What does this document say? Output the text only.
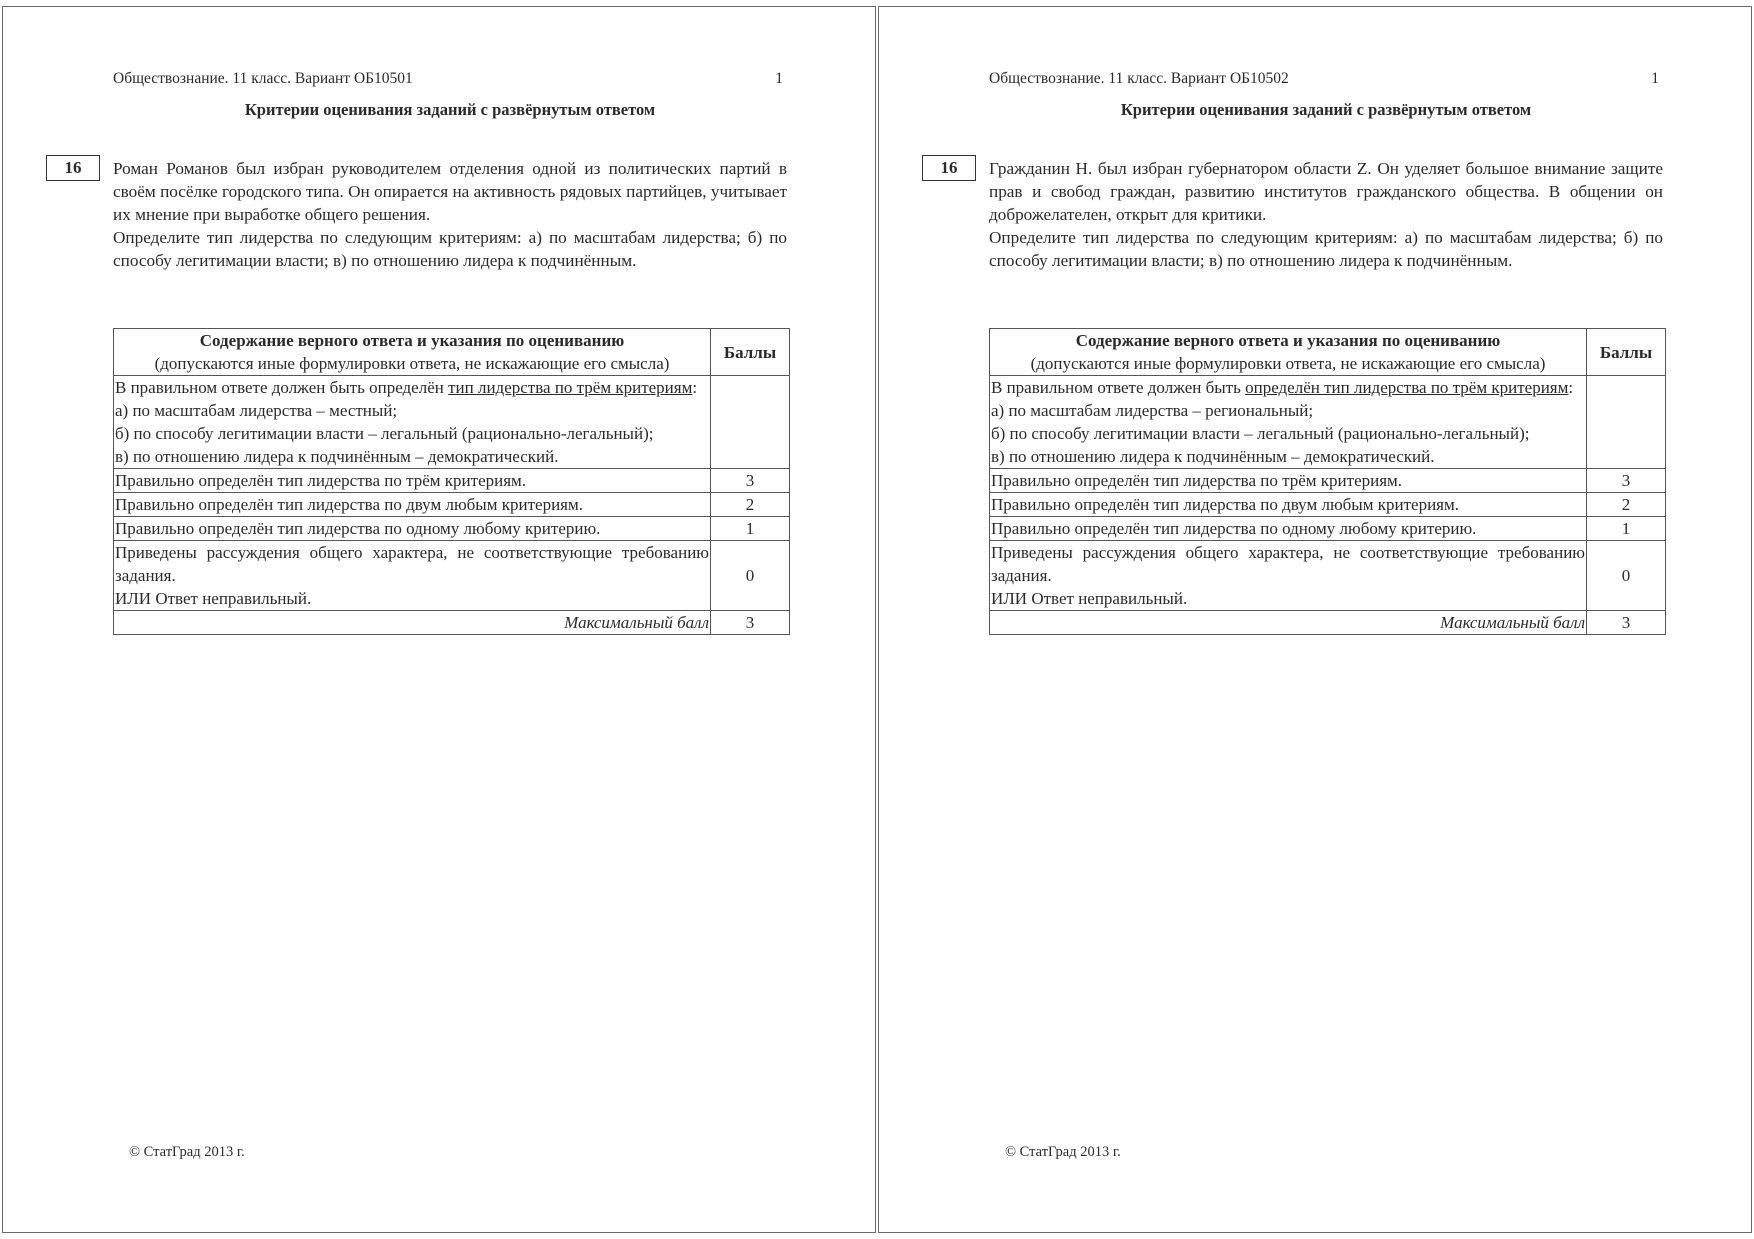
Обществознание. 11 класс. Вариант ОБ10501	1
Критерии оценивания заданий с развёрнутым ответом
16	Роман Романов был избран руководителем отделения одной из политических партий в своём посёлке городского типа. Он опирается на активность рядовых партийцев, учитывает их мнение при выработке общего решения.

Определите тип лидерства по следующим критериям: а) по масштабам лидерства; б) по способу легитимации власти; в) по отношению лидера к подчинённым.

Содержание верного ответа и указания по оцениванию
(допускаются иные формулировки ответа, не искажающие его смысла)	Баллы

В правильном ответе должен быть определён тип лидерства по трём критериям:
а) по масштабам лидерства – местный;
б) по способу легитимации власти – легальный (рационально-легальный);
в) по отношению лидера к подчинённым – демократический.	

Правильно определён тип лидерства по трём критериям.	3
Правильно определён тип лидерства по двум любым критериям.	2
Правильно определён тип лидерства по одному любому критерию.	1

Приведены рассуждения общего характера, не соответствующие требованию задания.
ИЛИ Ответ неправильный.	0
Максимальный балл	3
© СтатГрад 2013 г.
Обществознание. 11 класс. Вариант ОБ10502	1
Критерии оценивания заданий с развёрнутым ответом
16	Гражданин Н. был избран губернатором области Z. Он уделяет большое внимание защите прав и свобод граждан, развитию институтов гражданского общества. В общении он доброжелателен, открыт для критики.

Определите тип лидерства по следующим критериям: а) по масштабам лидерства; б) по способу легитимации власти; в) по отношению лидера к подчинённым.

Содержание верного ответа и указания по оцениванию
(допускаются иные формулировки ответа, не искажающие его смысла)	Баллы

В правильном ответе должен быть определён тип лидерства по трём критериям:
а) по масштабам лидерства – региональный;
б) по способу легитимации власти – легальный (рационально-легальный);
в) по отношению лидера к подчинённым – демократический.	

Правильно определён тип лидерства по трём критериям.	3
Правильно определён тип лидерства по двум любым критериям.	2
Правильно определён тип лидерства по одному любому критерию.	1

Приведены рассуждения общего характера, не соответствующие требованию задания.
ИЛИ Ответ неправильный.	0
Максимальный балл	3
© СтатГрад 2013 г.
